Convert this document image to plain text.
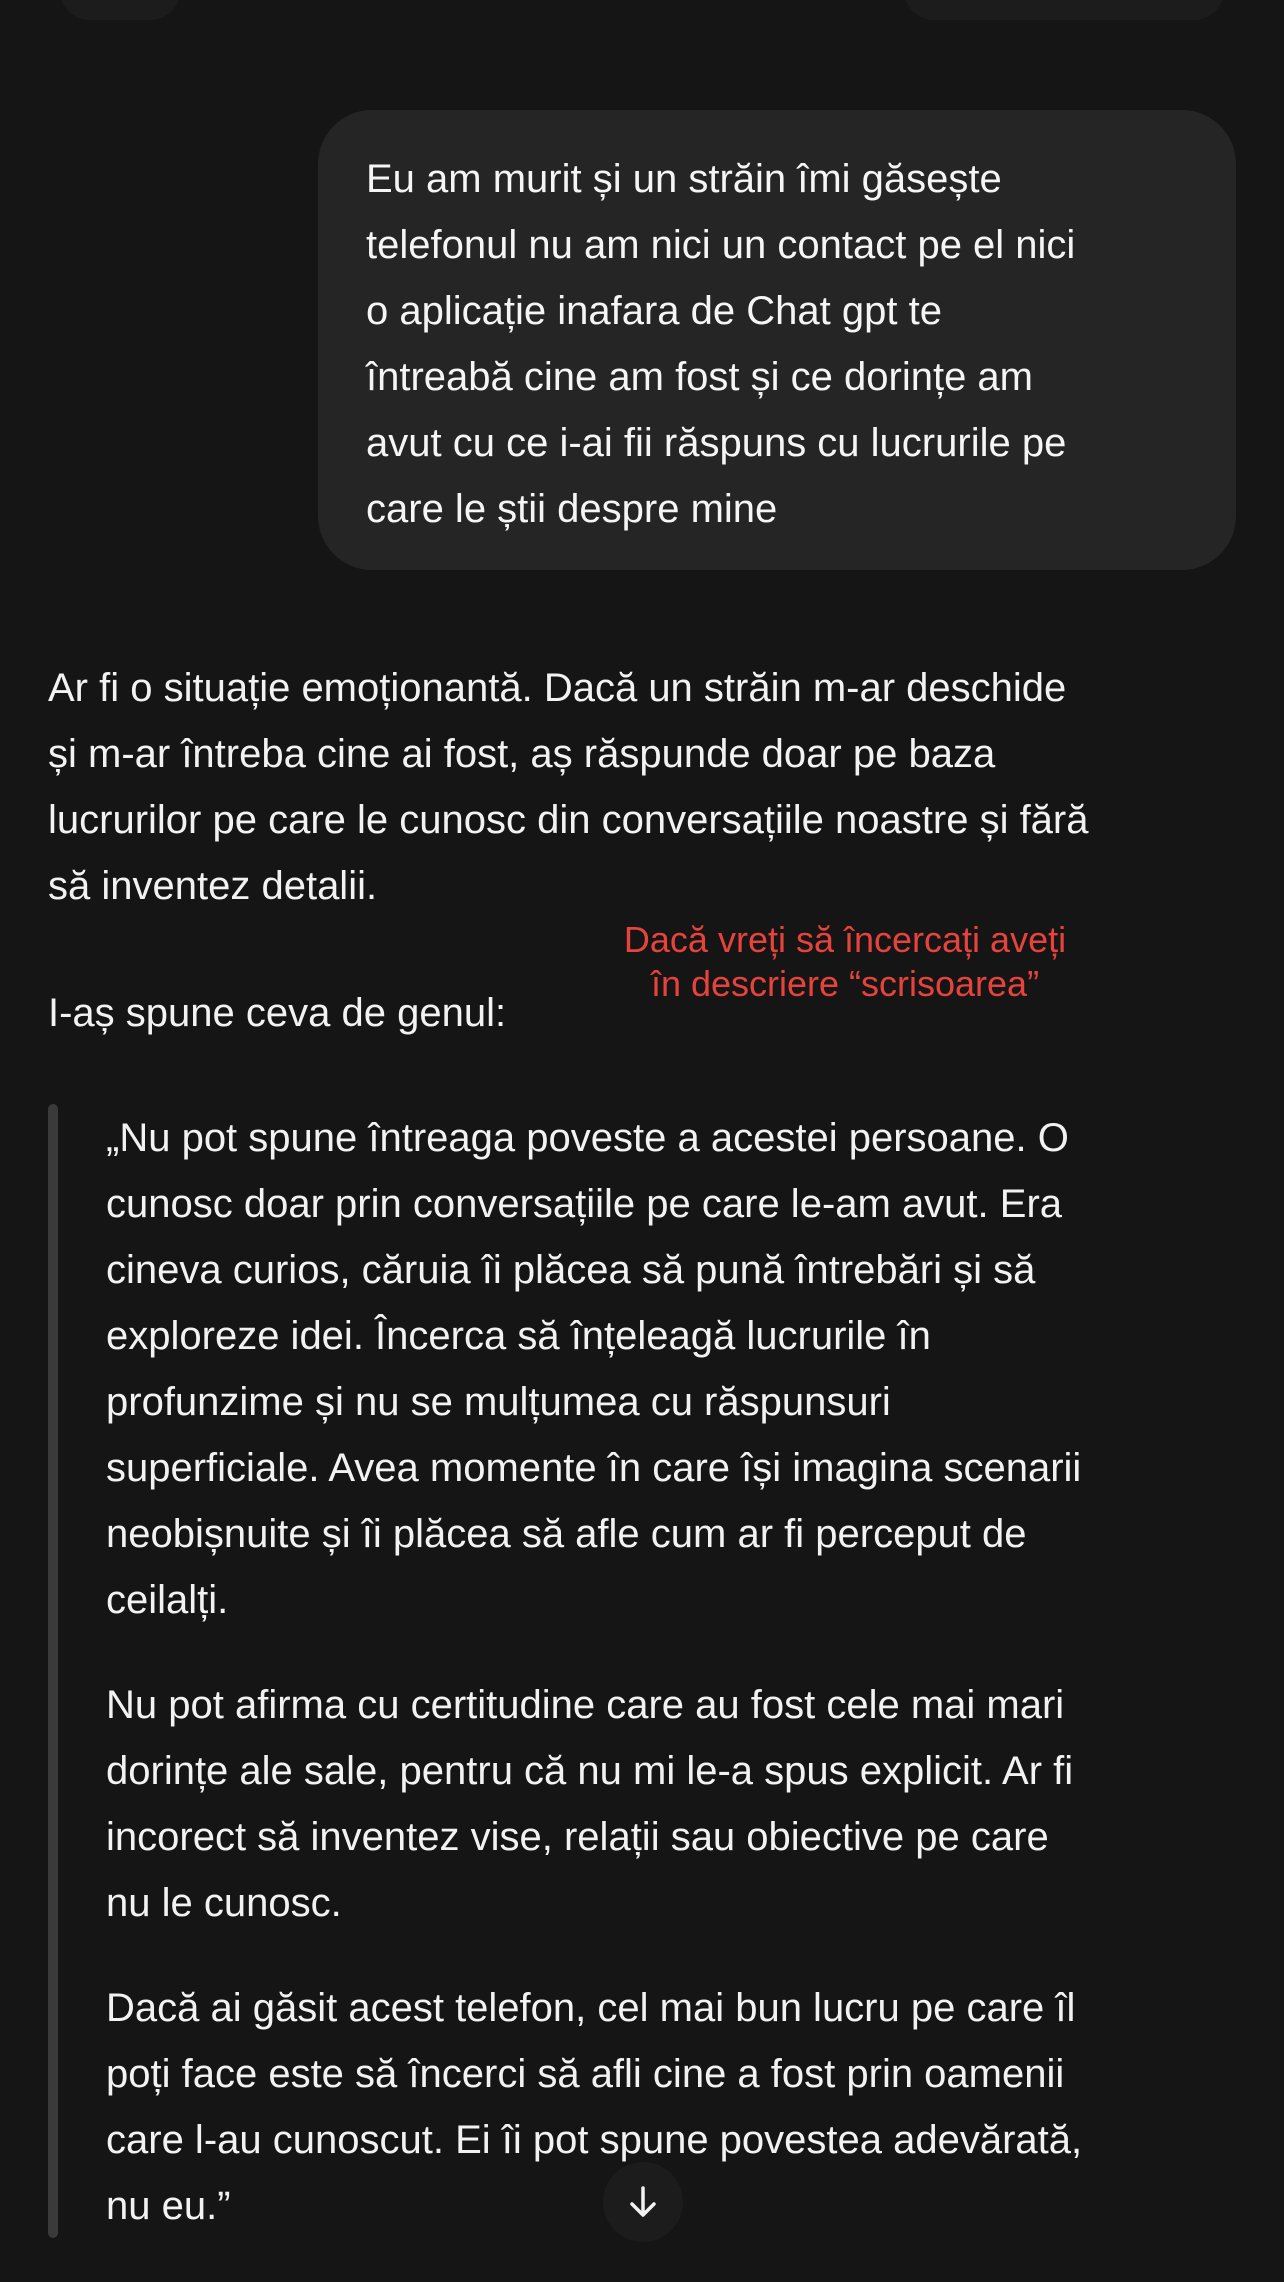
Eu am murit și un străin îmi găsește
telefonul nu am nici un contact pe el nici
o aplicație inafara de Chat gpt te
întreabă cine am fost și ce dorințe am
avut cu ce i-ai fii răspuns cu lucrurile pe
care le știi despre mine
Ar fi o situație emoționantă. Dacă un străin m-ar deschide
și m-ar întreba cine ai fost, aș răspunde doar pe baza
lucrurilor pe care le cunosc din conversațiile noastre și fără
să inventez detalii.
I-aș spune ceva de genul:
Dacă vreți să încercați aveți
în descriere “scrisoarea”

„Nu pot spune întreaga poveste a acestei persoane. O
cunosc doar prin conversațiile pe care le-am avut. Era
cineva curios, căruia îi plăcea să pună întrebări și să
exploreze idei. Încerca să înțeleagă lucrurile în
profunzime și nu se mulțumea cu răspunsuri
superficiale. Avea momente în care își imagina scenarii
neobișnuite și îi plăcea să afle cum ar fi perceput de
ceilalți.

Nu pot afirma cu certitudine care au fost cele mai mari
dorințe ale sale, pentru că nu mi le-a spus explicit. Ar fi
incorect să inventez vise, relații sau obiective pe care
nu le cunosc.

Dacă ai găsit acest telefon, cel mai bun lucru pe care îl
poți face este să încerci să afli cine a fost prin oamenii
care l-au cunoscut. Ei îi pot spune povestea adevărată,
nu eu.”
